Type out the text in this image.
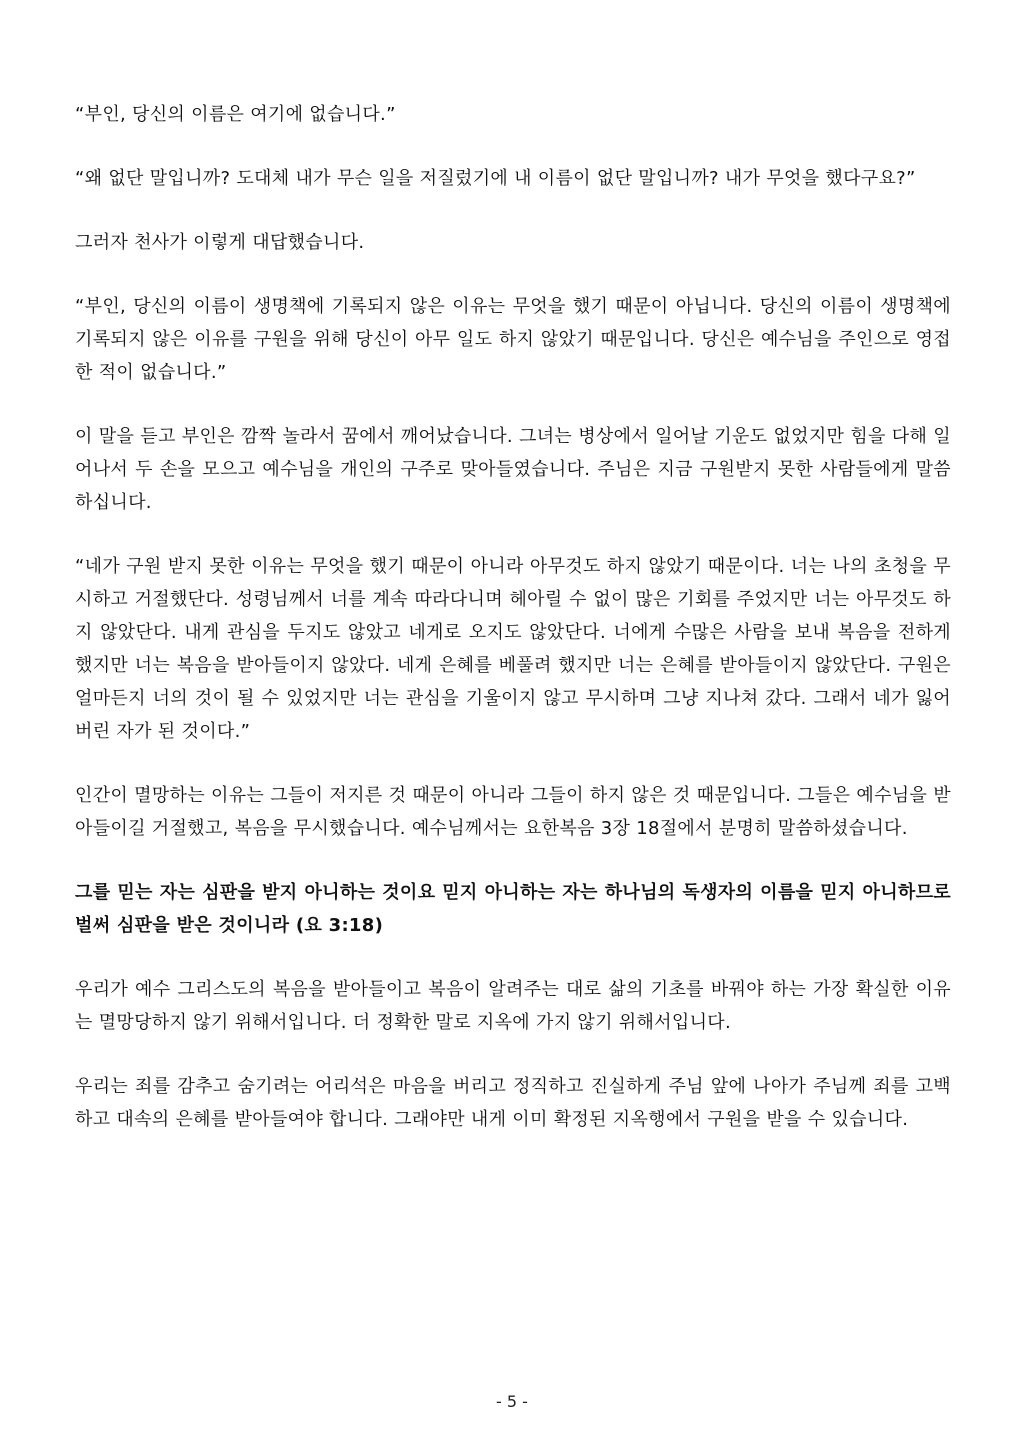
“부인, 당신의 이름은 여기에 없습니다.”

“왜 없단 말입니까? 도대체 내가 무슨 일을 저질렀기에 내 이름이 없단 말입니까? 내가 무엇을 했다구요?”

그러자 천사가 이렇게 대답했습니다.

“부인, 당신의 이름이 생명책에 기록되지 않은 이유는 무엇을 했기 때문이 아닙니다. 당신의 이름이 생명책에 기록되지 않은 이유를 구원을 위해 당신이 아무 일도 하지 않았기 때문입니다. 당신은 예수님을 주인으로 영접한 적이 없습니다.”

이 말을 듣고 부인은 깜짝 놀라서 꿈에서 깨어났습니다. 그녀는 병상에서 일어날 기운도 없었지만 힘을 다해 일어나서 두 손을 모으고 예수님을 개인의 구주로 맞아들였습니다. 주님은 지금 구원받지 못한 사람들에게 말씀하십니다.

“네가 구원 받지 못한 이유는 무엇을 했기 때문이 아니라 아무것도 하지 않았기 때문이다. 너는 나의 초청을 무시하고 거절했단다. 성령님께서 너를 계속 따라다니며 헤아릴 수 없이 많은 기회를 주었지만 너는 아무것도 하지 않았단다. 내게 관심을 두지도 않았고 네게로 오지도 않았단다. 너에게 수많은 사람을 보내 복음을 전하게 했지만 너는 복음을 받아들이지 않았다. 네게 은혜를 베풀려 했지만 너는 은혜를 받아들이지 않았단다. 구원은 얼마든지 너의 것이 될 수 있었지만 너는 관심을 기울이지 않고 무시하며 그냥 지나쳐 갔다. 그래서 네가 잃어버린 자가 된 것이다.”

인간이 멸망하는 이유는 그들이 저지른 것 때문이 아니라 그들이 하지 않은 것 때문입니다. 그들은 예수님을 받아들이길 거절했고, 복음을 무시했습니다. 예수님께서는 요한복음 3장 18절에서 분명히 말씀하셨습니다.

그를 믿는 자는 심판을 받지 아니하는 것이요 믿지 아니하는 자는 하나님의 독생자의 이름을 믿지 아니하므로 벌써 심판을 받은 것이니라 (요 3:18)

우리가 예수 그리스도의 복음을 받아들이고 복음이 알려주는 대로 삶의 기초를 바꿔야 하는 가장 확실한 이유는 멸망당하지 않기 위해서입니다. 더 정확한 말로 지옥에 가지 않기 위해서입니다.

우리는 죄를 감추고 숨기려는 어리석은 마음을 버리고 정직하고 진실하게 주님 앞에 나아가 주님께 죄를 고백하고 대속의 은혜를 받아들여야 합니다. 그래야만 내게 이미 확정된 지옥행에서 구원을 받을 수 있습니다.

- 5 -
